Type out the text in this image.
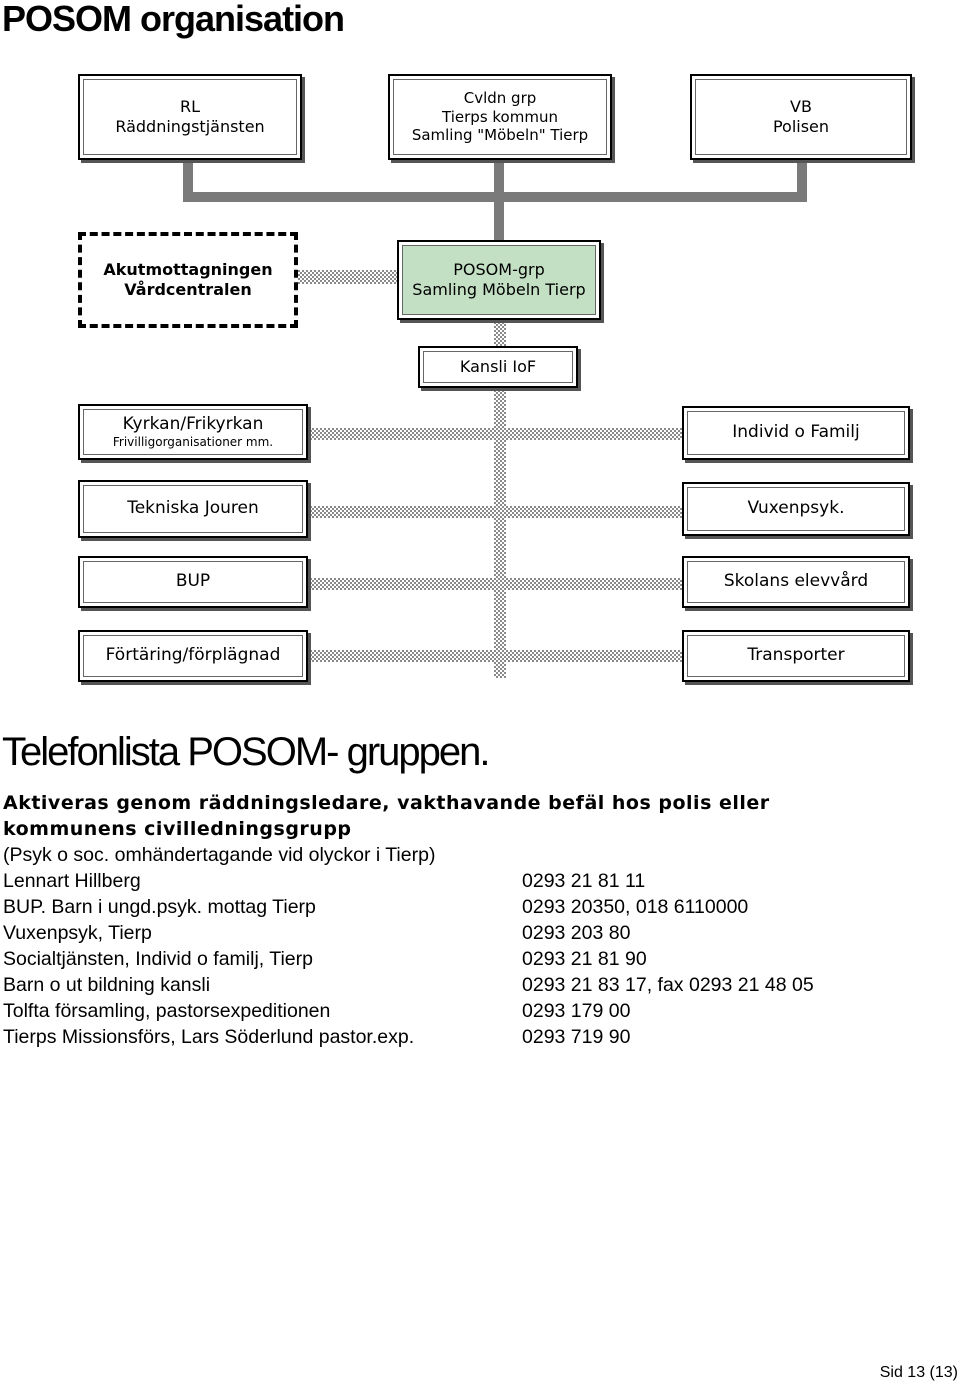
POSOM organisation
RL
Räddningstjänsten
Cvldn grp
Tierps kommun
Samling "Möbeln" Tierp
VB
Polisen
Akutmottagningen
Vårdcentralen
POSOM-grp
Samling Möbeln Tierp
Kansli IoF
Kyrkan/Frikyrkan
Frivilligorganisationer mm.
Tekniska Jouren
BUP
Förtäring/förplägnad
Individ o Familj
Vuxenpsyk.
Skolans elevvård
Transporter
Telefonlista POSOM- gruppen.
Aktiveras genom räddningsledare, vakthavande befäl hos polis eller kommunens civilledningsgrupp
(Psyk o soc. omhändertagande vid olyckor i Tierp)
Lennart Hillberg	0293 21 81 11
BUP. Barn i ungd.psyk. mottag Tierp	0293 20350, 018 6110000
Vuxenpsyk, Tierp	0293 203 80
Socialtjänsten, Individ o familj, Tierp	0293 21 81 90
Barn o ut bildning kansli	0293 21 83 17, fax 0293 21 48 05
Tolfta församling, pastorsexpeditionen	0293 179 00
Tierps Missionsförs, Lars Söderlund pastor.exp.	0293 719 90
Sid 13 (13)
